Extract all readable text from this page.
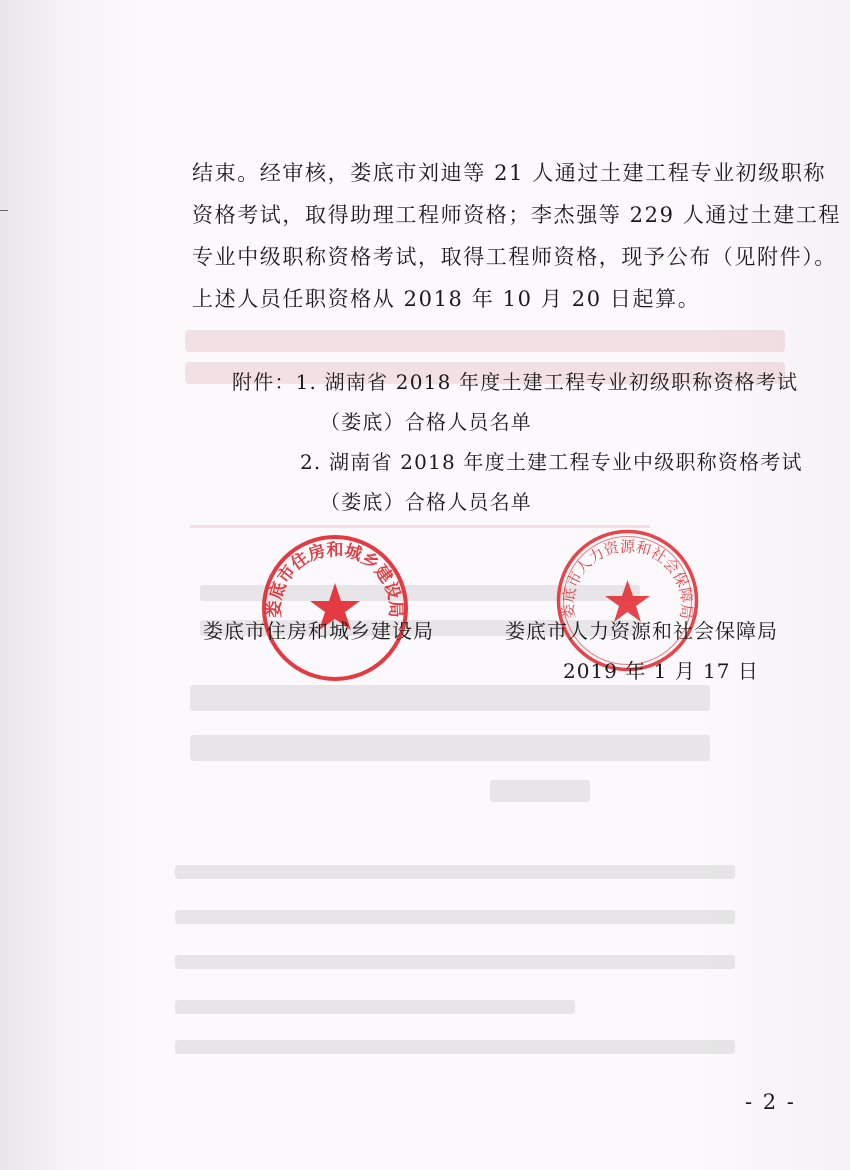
结束。经审核，娄底市刘迪等 21 人通过土建工程专业初级职称

资格考试，取得助理工程师资格；李杰强等 229 人通过土建工程

专业中级职称资格考试，取得工程师资格，现予公布（见附件）。

上述人员任职资格从 2018 年 10 月 20 日起算。

附件：1. 湖南省 2018 年度土建工程专业初级职称资格考试
（娄底）合格人员名单
2. 湖南省 2018 年度土建工程专业中级职称资格考试
（娄底）合格人员名单
娄底市住房和城乡建设局	娄底市人力资源和社会保障局
娄底市住房和城乡建设局	娄底市人力资源和社会保障局
2019 年 1 月 17 日
- 2 -
